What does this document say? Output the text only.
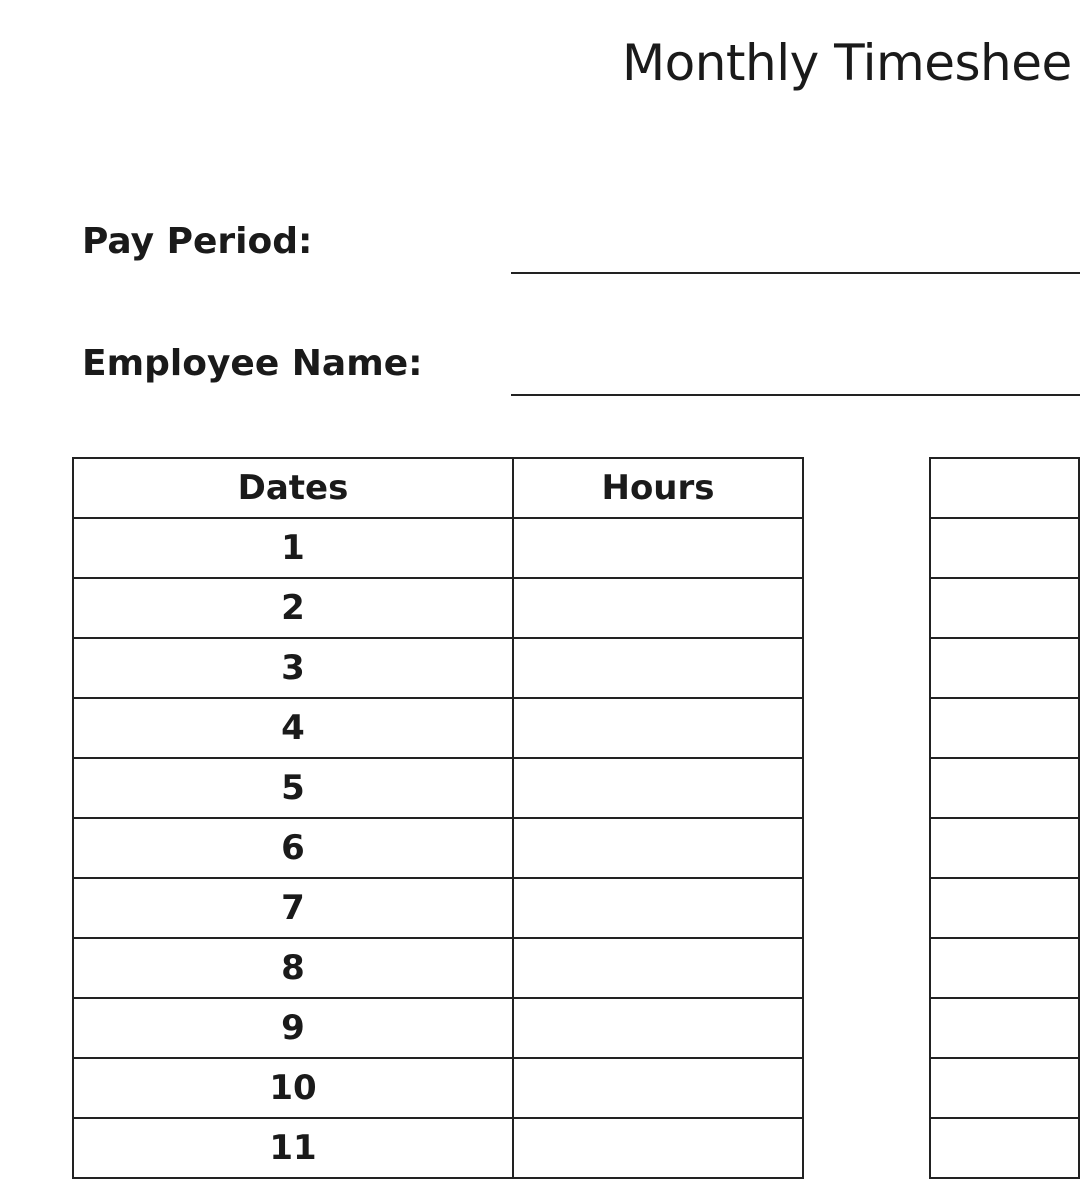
Monthly Timeshee
Pay Period:
Employee Name:
Dates	Hours
1	
2	
3	
4	
5	
6	
7	
8	
9	
10	
11	
